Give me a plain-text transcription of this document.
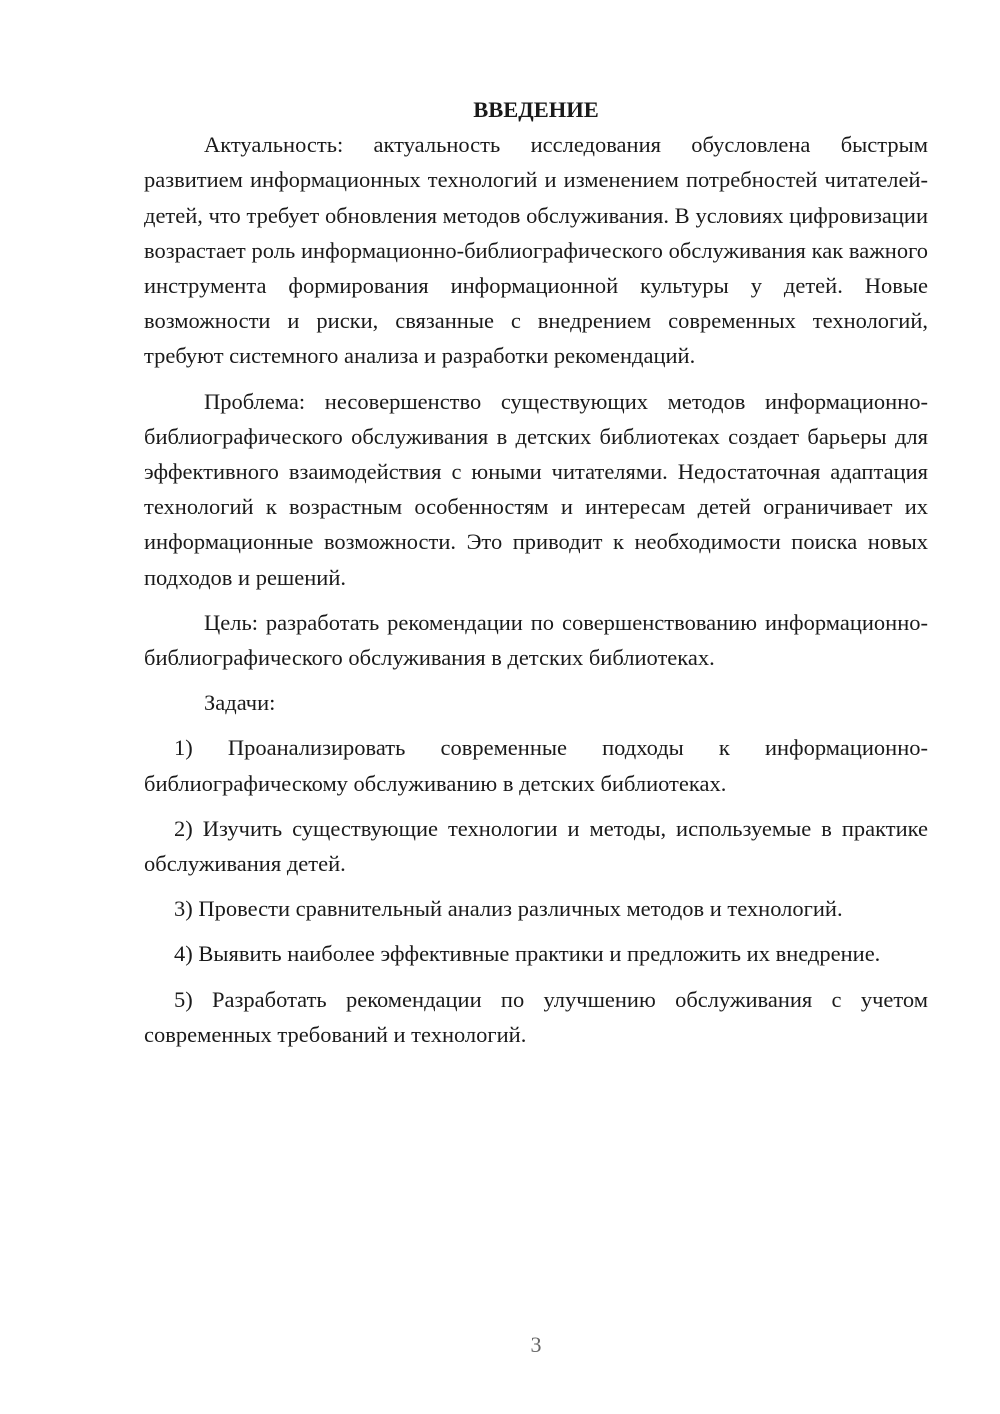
ВВЕДЕНИЕ

Актуальность: актуальность исследования обусловлена быстрым развитием информационных технологий и изменением потребностей читателей-детей, что требует обновления методов обслуживания. В условиях цифровизации возрастает роль информационно-библиографического обслуживания как важного инструмента формирования информационной культуры у детей. Новые возможности и риски, связанные с внедрением современных технологий, требуют системного анализа и разработки рекомендаций.

Проблема: несовершенство существующих методов информационно-библиографического обслуживания в детских библиотеках создает барьеры для эффективного взаимодействия с юными читателями. Недостаточная адаптация технологий к возрастным особенностям и интересам детей ограничивает их информационные возможности. Это приводит к необходимости поиска новых подходов и решений.

Цель: разработать рекомендации по совершенствованию информационно-библиографического обслуживания в детских библиотеках.

Задачи:

1) Проанализировать современные подходы к информационно-библиографическому обслуживанию в детских библиотеках.

2) Изучить существующие технологии и методы, используемые в практике обслуживания детей.

3) Провести сравнительный анализ различных методов и технологий.

4) Выявить наиболее эффективные практики и предложить их внедрение.

5) Разработать рекомендации по улучшению обслуживания с учетом современных требований и технологий.

3
